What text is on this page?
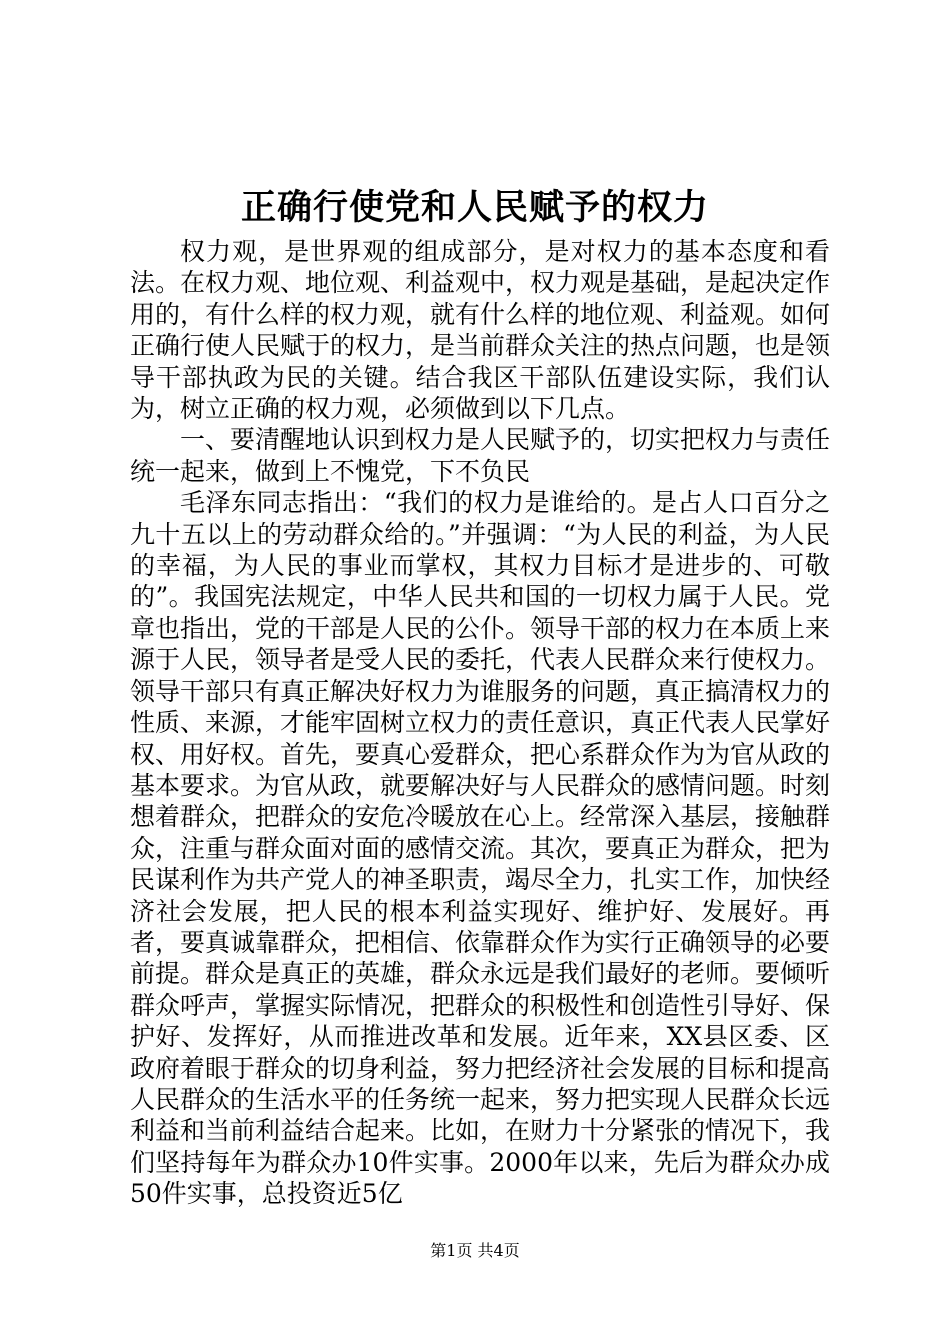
正确行使党和人民赋予的权力

权力观，是世界观的组成部分，是对权力的基本态度和看法。在权力观、地位观、利益观中，权力观是基础，是起决定作用的，有什么样的权力观，就有什么样的地位观、利益观。如何正确行使人民赋于的权力，是当前群众关注的热点问题，也是领导干部执政为民的关键。结合我区干部队伍建设实际，我们认为，树立正确的权力观，必须做到以下几点。

一、要清醒地认识到权力是人民赋予的，切实把权力与责任统一起来，做到上不愧党，下不负民

毛泽东同志指出：“我们的权力是谁给的。是占人口百分之九十五以上的劳动群众给的。”并强调：“为人民的利益，为人民的幸福，为人民的事业而掌权，其权力目标才是进步的、可敬的”。我国宪法规定，中华人民共和国的一切权力属于人民。党章也指出，党的干部是人民的公仆。领导干部的权力在本质上来源于人民，领导者是受人民的委托，代表人民群众来行使权力。领导干部只有真正解决好权力为谁服务的问题，真正搞清权力的性质、来源，才能牢固树立权力的责任意识，真正代表人民掌好权、用好权。首先，要真心爱群众，把心系群众作为为官从政的基本要求。为官从政，就要解决好与人民群众的感情问题。时刻想着群众，把群众的安危冷暖放在心上。经常深入基层，接触群众，注重与群众面对面的感情交流。其次，要真正为群众，把为民谋利作为共产党人的神圣职责，竭尽全力，扎实工作，加快经济社会发展，把人民的根本利益实现好、维护好、发展好。再者，要真诚靠群众，把相信、依靠群众作为实行正确领导的必要前提。群众是真正的英雄，群众永远是我们最好的老师。要倾听群众呼声，掌握实际情况，把群众的积极性和创造性引导好、保护好、发挥好，从而推进改革和发展。近年来，XX县区委、区政府着眼于群众的切身利益，努力把经济社会发展的目标和提高人民群众的生活水平的任务统一起来，努力把实现人民群众长远利益和当前利益结合起来。比如，在财力十分紧张的情况下，我们坚持每年为群众办10件实事。2000年以来，先后为群众办成50件实事，总投资近5亿

第1页 共4页
